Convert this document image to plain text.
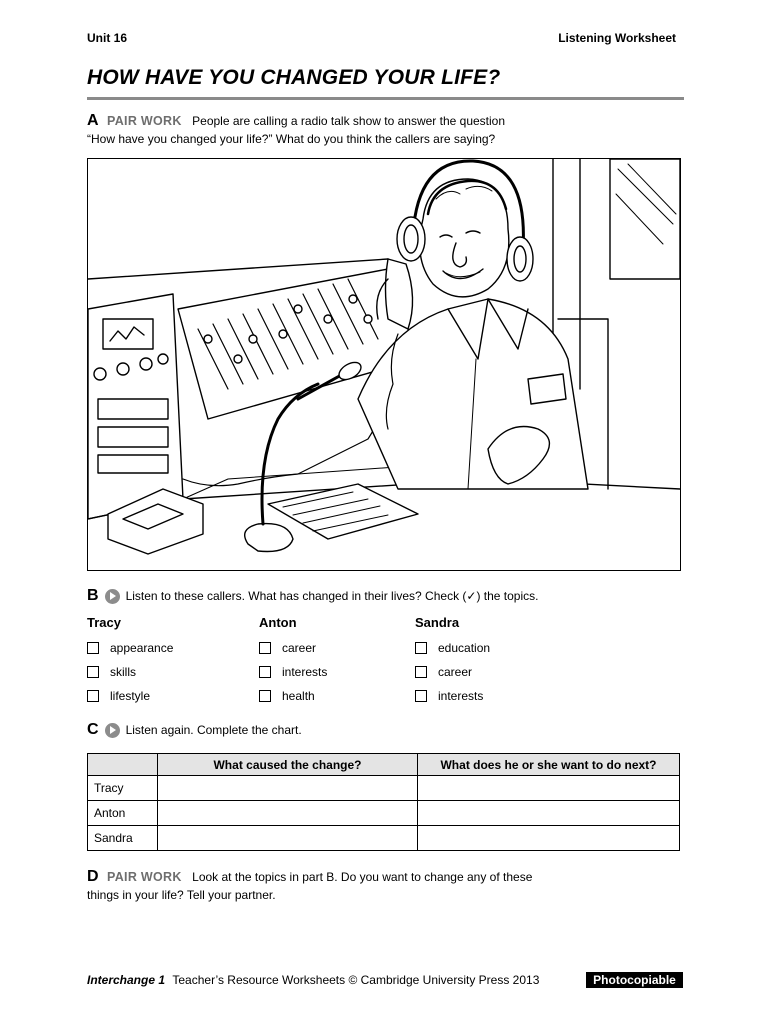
Unit 16	Listening Worksheet
HOW HAVE YOU CHANGED YOUR LIFE?
A PAIR WORK People are calling a radio talk show to answer the question
“How have you changed your life?” What do you think the callers are saying?
B Listen to these callers. What has changed in their lives? Check (✓) the topics.
Tracy
appearance
skills
lifestyle
Anton
career
interests
health
Sandra
education
career
interests
C Listen again. Complete the chart.
	What caused the change?	What does he or she want to do next?
Tracy		
Anton		
Sandra		
D PAIR WORK Look at the topics in part B. Do you want to change any of these
things in your life? Tell your partner.
Interchange 1 Teacher’s Resource Worksheets © Cambridge University Press 2013	Photocopiable
